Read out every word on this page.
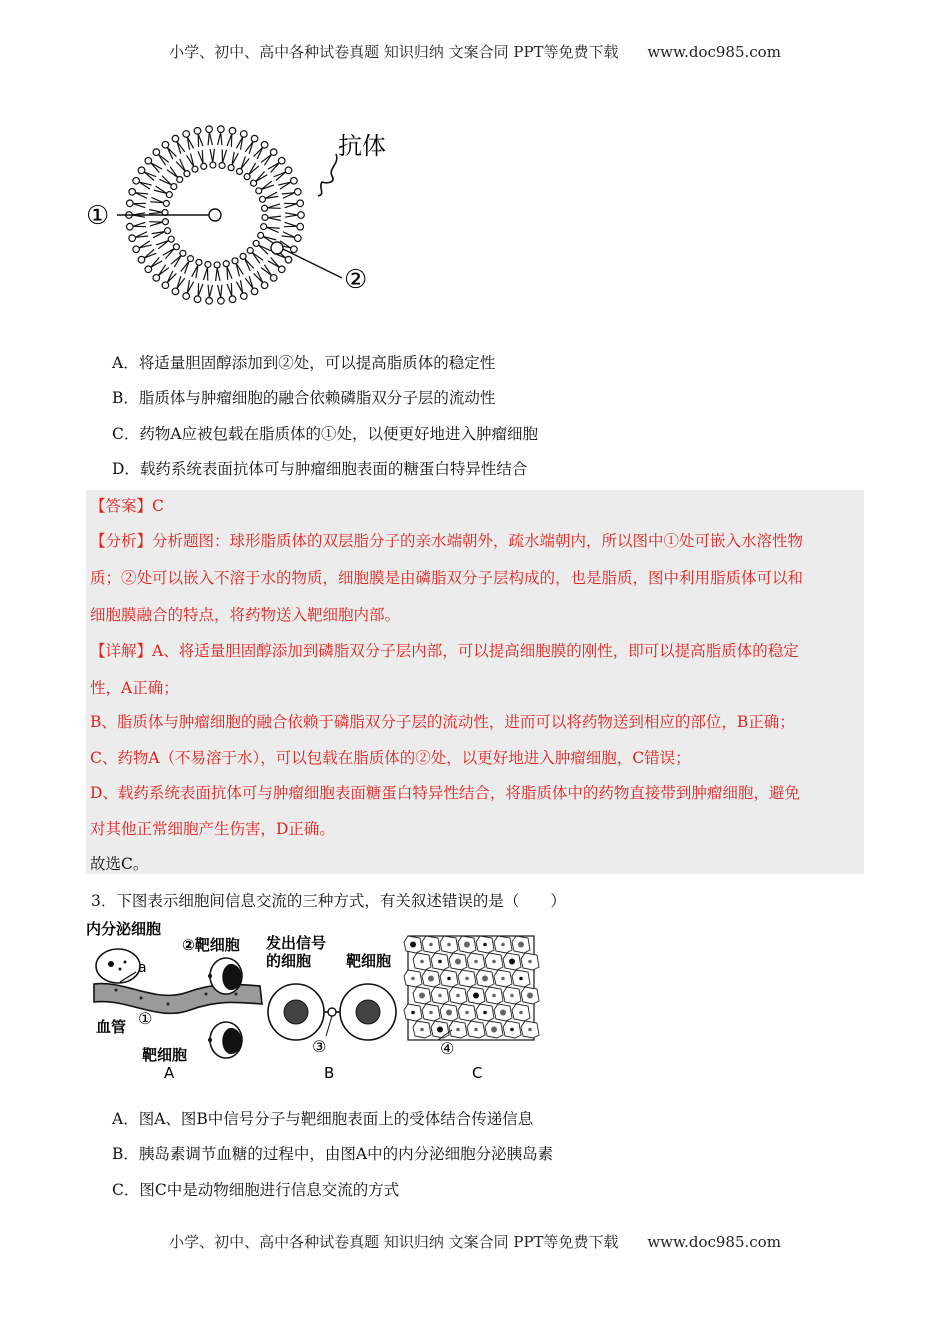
小学、初中、高中各种试卷真题 知识归纳 文案合同 PPT等免费下载 www.doc985.com
抗体
①
②
A．将适量胆固醇添加到②处，可以提高脂质体的稳定性
B．脂质体与肿瘤细胞的融合依赖磷脂双分子层的流动性
C．药物A应被包载在脂质体的①处，以便更好地进入肿瘤细胞
D．载药系统表面抗体可与肿瘤细胞表面的糖蛋白特异性结合

【答案】C

【分析】分析题图：球形脂质体的双层脂分子的亲水端朝外，疏水端朝内，所以图中①处可嵌入水溶性物

质；②处可以嵌入不溶于水的物质，细胞膜是由磷脂双分子层构成的，也是脂质，图中利用脂质体可以和

细胞膜融合的特点，将药物送入靶细胞内部。

【详解】A、将适量胆固醇添加到磷脂双分子层内部，可以提高细胞膜的刚性，即可以提高脂质体的稳定

性，A正确；

B、脂质体与肿瘤细胞的融合依赖于磷脂双分子层的流动性，进而可以将药物送到相应的部位，B正确；

C、药物A（不易溶于水），可以包载在脂质体的②处，以更好地进入肿瘤细胞，C错误；

D、载药系统表面抗体可与肿瘤细胞表面糖蛋白特异性结合，将脂质体中的药物直接带到肿瘤细胞，避免

对其他正常细胞产生伤害，D正确。

故选C。

3．下图表示细胞间信息交流的三种方式，有关叙述错误的是（　　）
a
内分泌细胞
②靶细胞
①
血管
靶细胞
A
发出信号
的细胞 靶细胞
③
B
④
C
A．图A、图B中信号分子与靶细胞表面上的受体结合传递信息
B．胰岛素调节血糖的过程中，由图A中的内分泌细胞分泌胰岛素
C．图C中是动物细胞进行信息交流的方式
小学、初中、高中各种试卷真题 知识归纳 文案合同 PPT等免费下载 www.doc985.com
